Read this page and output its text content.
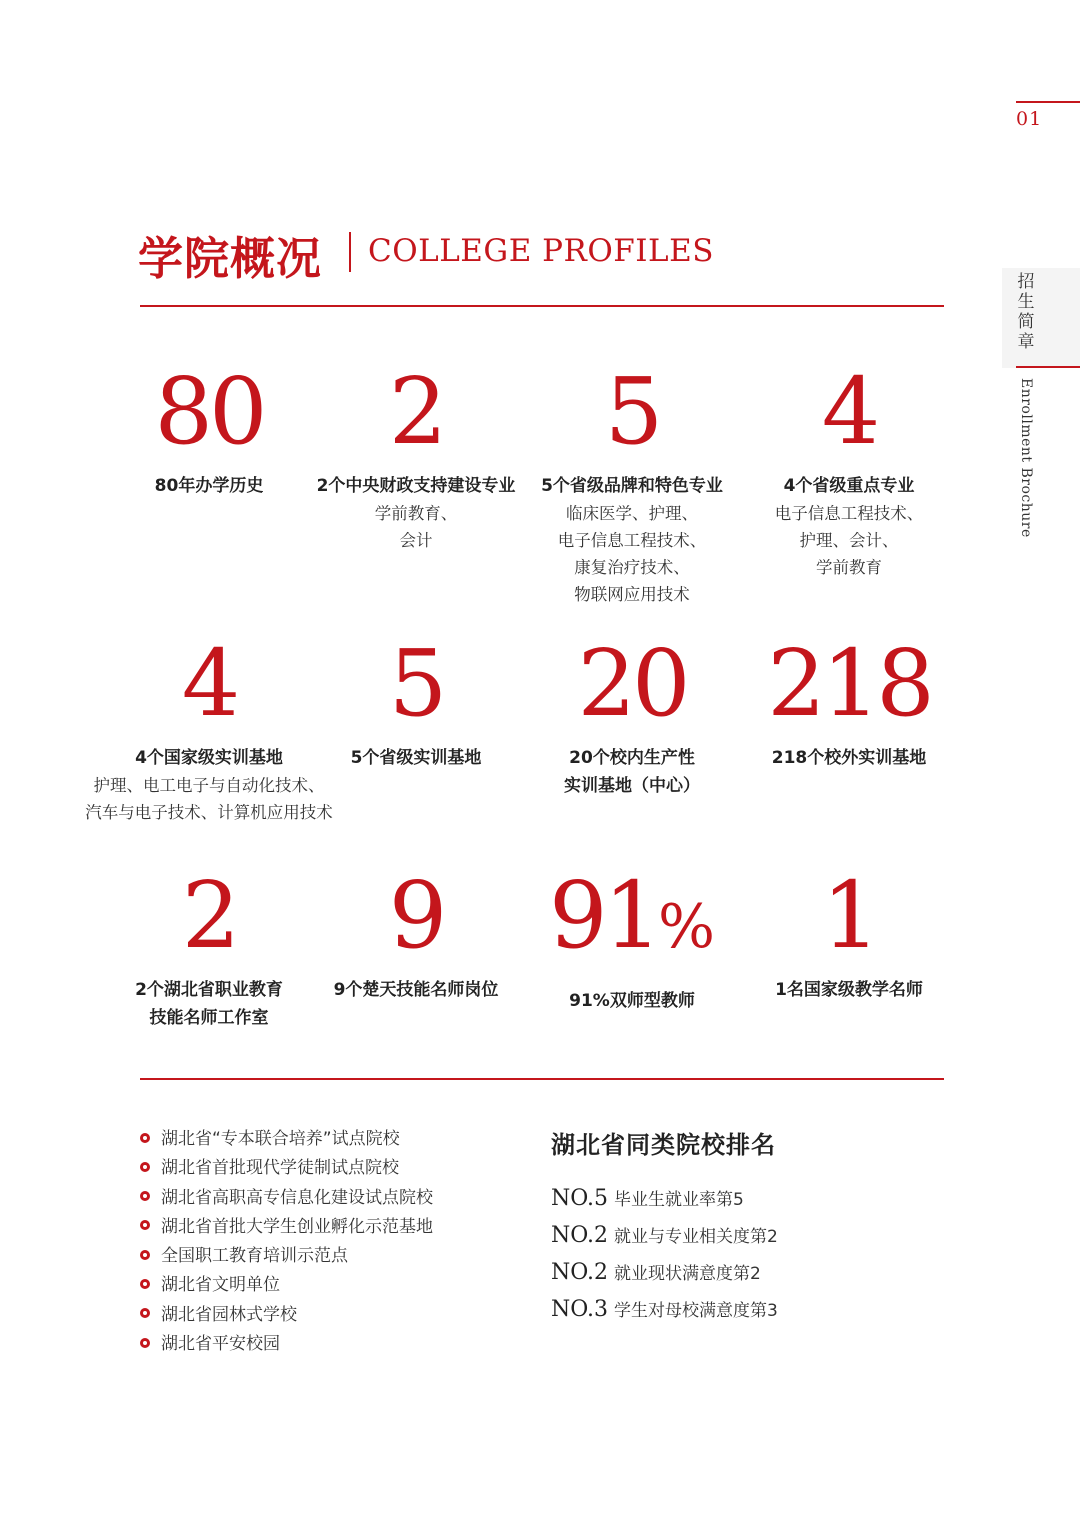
01
招生简章
Enrollment Brochure
学院概况 COLLEGE PROFILES
80
80年办学历史
2
2个中央财政支持建设专业
学前教育、
会计
5
5个省级品牌和特色专业
临床医学、护理、
电子信息工程技术、
康复治疗技术、
物联网应用技术
4
4个省级重点专业
电子信息工程技术、
护理、会计、
学前教育
4
4个国家级实训基地
护理、电工电子与自动化技术、
汽车与电子技术、计算机应用技术
5
5个省级实训基地
20
20个校内生产性
实训基地（中心）
218
218个校外实训基地
2
2个湖北省职业教育
技能名师工作室
9
9个楚天技能名师岗位
91%
91%双师型教师
1
1名国家级教学名师
湖北省“专本联合培养”试点院校
湖北省首批现代学徒制试点院校
湖北省高职高专信息化建设试点院校
湖北省首批大学生创业孵化示范基地
全国职工教育培训示范点
湖北省文明单位
湖北省园林式学校
湖北省平安校园
湖北省同类院校排名
NO.5 毕业生就业率第5
NO.2 就业与专业相关度第2
NO.2 就业现状满意度第2
NO.3 学生对母校满意度第3
